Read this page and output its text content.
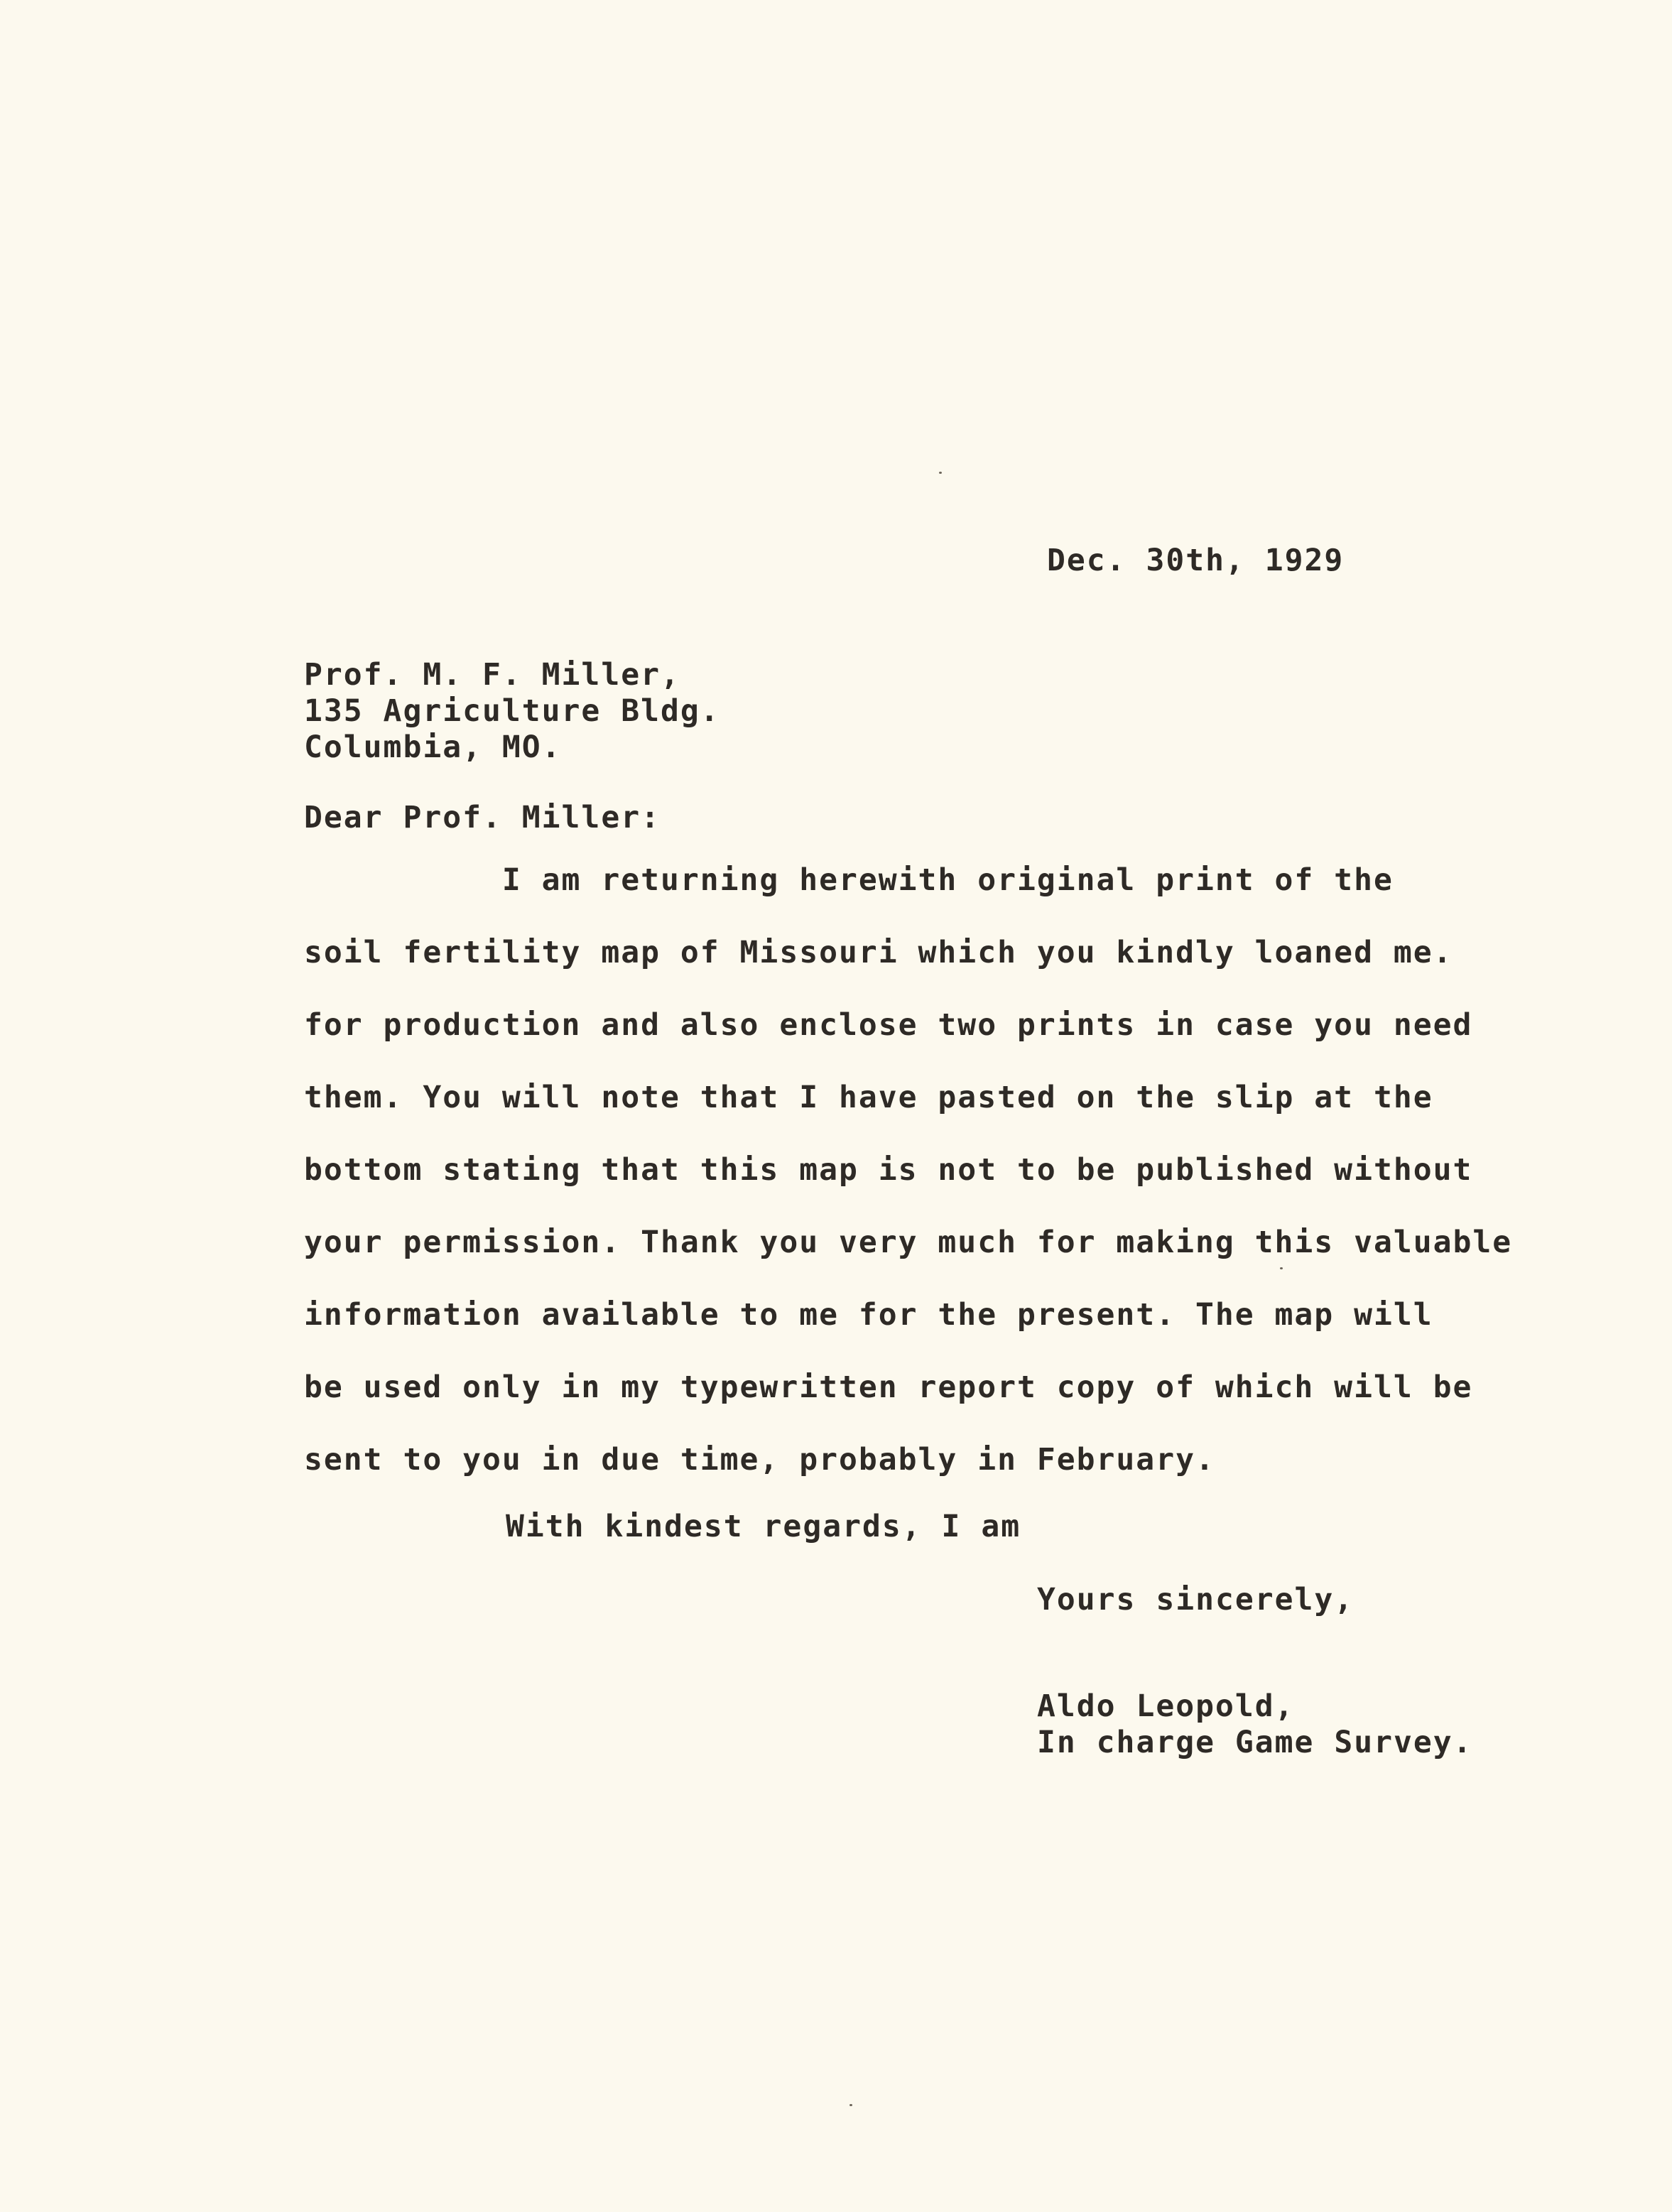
Dec. 30th, 1929
Prof. M. F. Miller,
135 Agriculture Bldg.
Columbia, MO.
Dear Prof. Miller:
I am returning herewith original print of the
soil fertility map of Missouri which you kindly loaned me.
for production and also enclose two prints in case you need
them. You will note that I have pasted on the slip at the
bottom stating that this map is not to be published without
your permission. Thank you very much for making this valuable
information available to me for the present. The map will
be used only in my typewritten report copy of which will be
sent to you in due time, probably in February.
With kindest regards, I am
Yours sincerely,
Aldo Leopold,
In charge Game Survey.
